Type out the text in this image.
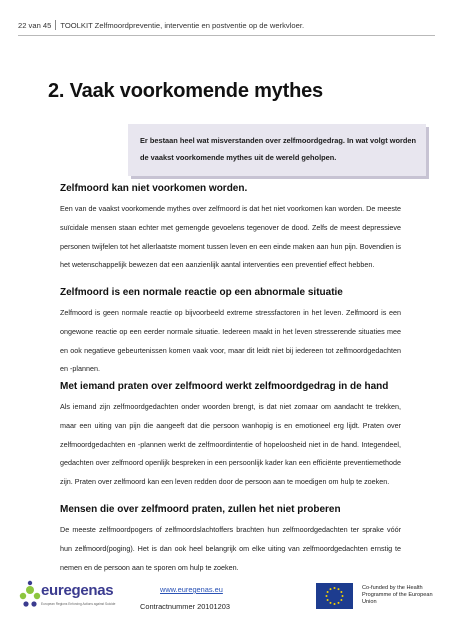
22 van 45 TOOLKIT Zelfmoordpreventie, interventie en postventie op de werkvloer.
2. Vaak voorkomende mythes

Er bestaan heel wat misverstanden over zelfmoordgedrag. In wat volgt worden de vaakst voorkomende mythes uit de wereld geholpen.

Zelfmoord kan niet voorkomen worden.

Een van de vaakst voorkomende mythes over zelfmoord is dat het niet voorkomen kan worden. De meeste suïcidale mensen staan echter met gemengde gevoelens tegenover de dood. Zelfs de meest depressieve personen twijfelen tot het allerlaatste moment tussen leven en een einde maken aan hun pijn. Bovendien is het wetenschappelijk bewezen dat een aanzienlijk aantal interventies een preventief effect hebben.

Zelfmoord is een normale reactie op een abnormale situatie

Zelfmoord is geen normale reactie op bijvoorbeeld extreme stressfactoren in het leven. Zelfmoord is een ongewone reactie op een eerder normale situatie. Iedereen maakt in het leven stresserende situaties mee en ook negatieve gebeurtenissen komen vaak voor, maar dit leidt niet bij iedereen tot zelfmoordgedachten en -plannen.

Met iemand praten over zelfmoord werkt zelfmoordgedrag in de hand

Als iemand zijn zelfmoordgedachten onder woorden brengt, is dat niet zomaar om aandacht te trekken, maar een uiting van pijn die aangeeft dat die persoon wanhopig is en emotioneel erg lijdt. Praten over zelfmoordgedachten en -plannen werkt de zelfmoordintentie of hopeloosheid niet in de hand. Integendeel, gedachten over zelfmoord openlijk bespreken in een persoonlijk kader kan een efficiënte preventiemethode zijn. Praten over zelfmoord kan een leven redden door de persoon aan te moedigen om hulp te zoeken.

Mensen die over zelfmoord praten, zullen het niet proberen

De meeste zelfmoordpogers of zelfmoordslachtoffers brachten hun zelfmoordgedachten ter sprake vóór hun zelfmoord(poging). Het is dan ook heel belangrijk om elke uiting van zelfmoordgedachten ernstig te nemen en de persoon aan te sporen om hulp te zoeken.

euregenas
European Regions Enforcing Actions against Suicide
www.euregenas.eu
Contractnummer 20101203
Co-funded by the Health Programme of the European Union
